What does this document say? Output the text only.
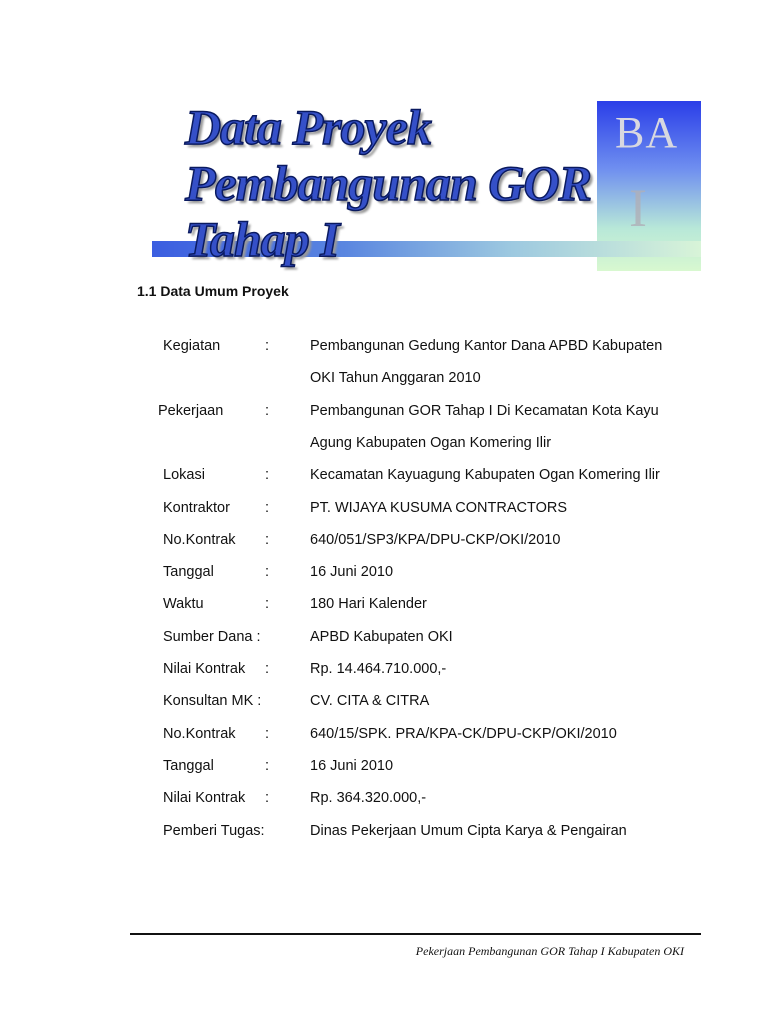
BA
I
Data Proyek
Pembangunan GOR
Tahap I
1.1 Data Umum Proyek
Kegiatan	:	Pembangunan Gedung Kantor Dana APBD Kabupaten
OKI Tahun Anggaran 2010
Pekerjaan	:	Pembangunan GOR Tahap I Di Kecamatan Kota Kayu
Agung Kabupaten Ogan Komering Ilir
Lokasi	:	Kecamatan Kayuagung Kabupaten Ogan Komering Ilir
Kontraktor :	PT. WIJAYA KUSUMA CONTRACTORS
No.Kontrak :	640/051/SP3/KPA/DPU-CKP/OKI/2010
Tanggal	:	16 Juni 2010
Waktu	:	180 Hari Kalender
Sumber Dana :	APBD Kabupaten OKI
Nilai Kontrak :	Rp. 14.464.710.000,-
Konsultan MK :	CV. CITA & CITRA
No.Kontrak :	640/15/SPK. PRA/KPA-CK/DPU-CKP/OKI/2010
Tanggal	:	16 Juni 2010
Nilai Kontrak :	Rp. 364.320.000,-
Pemberi Tugas:	Dinas Pekerjaan Umum Cipta Karya & Pengairan
Pekerjaan Pembangunan GOR Tahap I Kabupaten OKI
